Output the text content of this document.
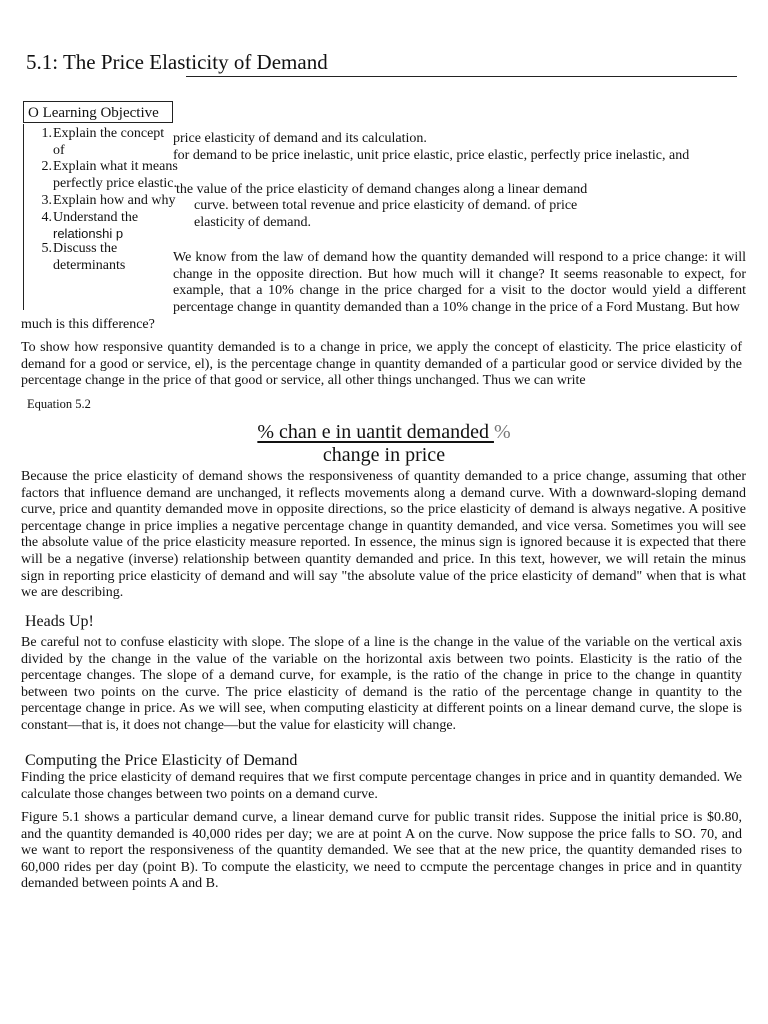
5.1: The Price Elasticity of Demand
O Learning Objective
1. Explain the concept of
2. Explain what it means perfectly price elastic.
3. Explain how and why
4. Understand the
relationshi p
5. Discuss the determinants
price elasticity of demand and its calculation.
for demand to be price inelastic, unit price elastic, price elastic, perfectly price inelastic, and
the value of the price elasticity of demand changes along a linear demand
curve. between total revenue and price elasticity of demand. of price
elasticity of demand.
We know from the law of demand how the quantity demanded will respond to a price change: it will change in the opposite direction. But how much will it change? It seems reasonable to expect, for example, that a 10% change in the price charged for a visit to the doctor would yield a different percentage change in quantity demanded than a 10% change in the price of a Ford Mustang. But how
much is this difference?
To show how responsive quantity demanded is to a change in price, we apply the concept of elasticity. The price elasticity of demand for a good or service, el), is the percentage change in quantity demanded of a particular good or service divided by the percentage change in the price of that good or service, all other things unchanged. Thus we can write
Equation 5.2
% chan e in uantit demanded %
change in price
Because the price elasticity of demand shows the responsiveness of quantity demanded to a price change, assuming that other factors that influence demand are unchanged, it reflects movements along a demand curve. With a downward-sloping demand curve, price and quantity demanded move in opposite directions, so the price elasticity of demand is always negative. A positive percentage change in price implies a negative percentage change in quantity demanded, and vice versa. Sometimes you will see the absolute value of the price elasticity measure reported. In essence, the minus sign is ignored because it is expected that there will be a negative (inverse) relationship between quantity demanded and price. In this text, however, we will retain the minus sign in reporting price elasticity of demand and will say "the absolute value of the price elasticity of demand" when that is what we are describing.
Heads Up!
Be careful not to confuse elasticity with slope. The slope of a line is the change in the value of the variable on the vertical axis divided by the change in the value of the variable on the horizontal axis between two points. Elasticity is the ratio of the percentage changes. The slope of a demand curve, for example, is the ratio of the change in price to the change in quantity between two points on the curve. The price elasticity of demand is the ratio of the percentage change in quantity to the percentage change in price. As we will see, when computing elasticity at different points on a linear demand curve, the slope is constant—that is, it does not change—but the value for elasticity will change.
Computing the Price Elasticity of Demand
Finding the price elasticity of demand requires that we first compute percentage changes in price and in quantity demanded. We calculate those changes between two points on a demand curve.
Figure 5.1 shows a particular demand curve, a linear demand curve for public transit rides. Suppose the initial price is $0.80, and the quantity demanded is 40,000 rides per day; we are at point A on the curve. Now suppose the price falls to SO. 70, and we want to report the responsiveness of the quantity demanded. We see that at the new price, the quantity demanded rises to 60,000 rides per day (point B). To compute the elasticity, we need to ccmpute the percentage changes in price and in quantity demanded between points A and B.
